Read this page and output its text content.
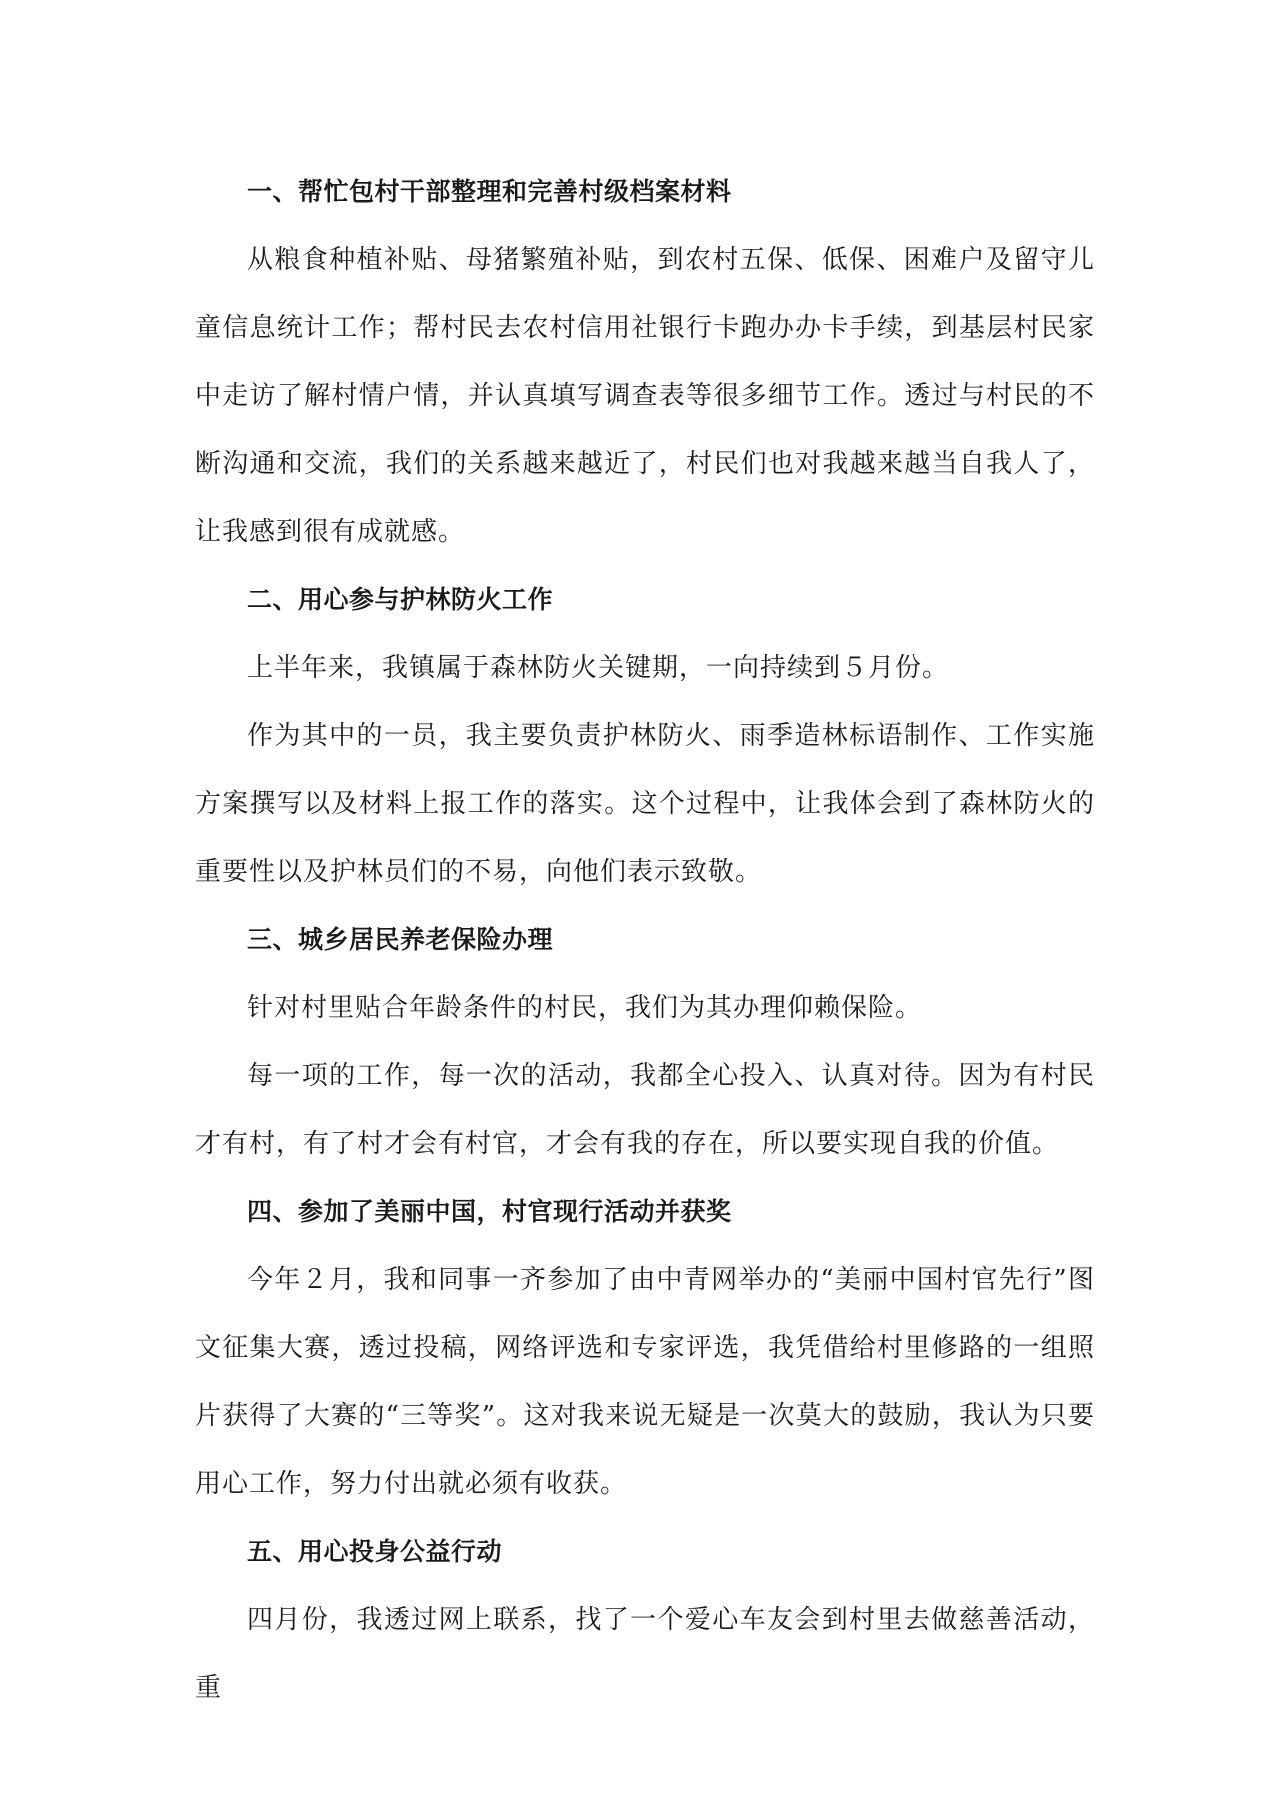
一、帮忙包村干部整理和完善村级档案材料

从粮食种植补贴、母猪繁殖补贴，到农村五保、低保、困难户及留守儿童信息统计工作；帮村民去农村信用社银行卡跑办办卡手续，到基层村民家中走访了解村情户情，并认真填写调查表等很多细节工作。透过与村民的不断沟通和交流，我们的关系越来越近了，村民们也对我越来越当自我人了，让我感到很有成就感。

二、用心参与护林防火工作

上半年来，我镇属于森林防火关键期，一向持续到５月份。

作为其中的一员，我主要负责护林防火、雨季造林标语制作、工作实施方案撰写以及材料上报工作的落实。这个过程中，让我体会到了森林防火的重要性以及护林员们的不易，向他们表示致敬。

三、城乡居民养老保险办理

针对村里贴合年龄条件的村民，我们为其办理仰赖保险。

每一项的工作，每一次的活动，我都全心投入、认真对待。因为有村民才有村，有了村才会有村官，才会有我的存在，所以要实现自我的价值。

四、参加了美丽中国，村官现行活动并获奖

今年２月，我和同事一齐参加了由中青网举办的“美丽中国村官先行”图文征集大赛，透过投稿，网络评选和专家评选，我凭借给村里修路的一组照片获得了大赛的“三等奖”。这对我来说无疑是一次莫大的鼓励，我认为只要用心工作，努力付出就必须有收获。

五、用心投身公益行动

四月份，我透过网上联系，找了一个爱心车友会到村里去做慈善活动，重
